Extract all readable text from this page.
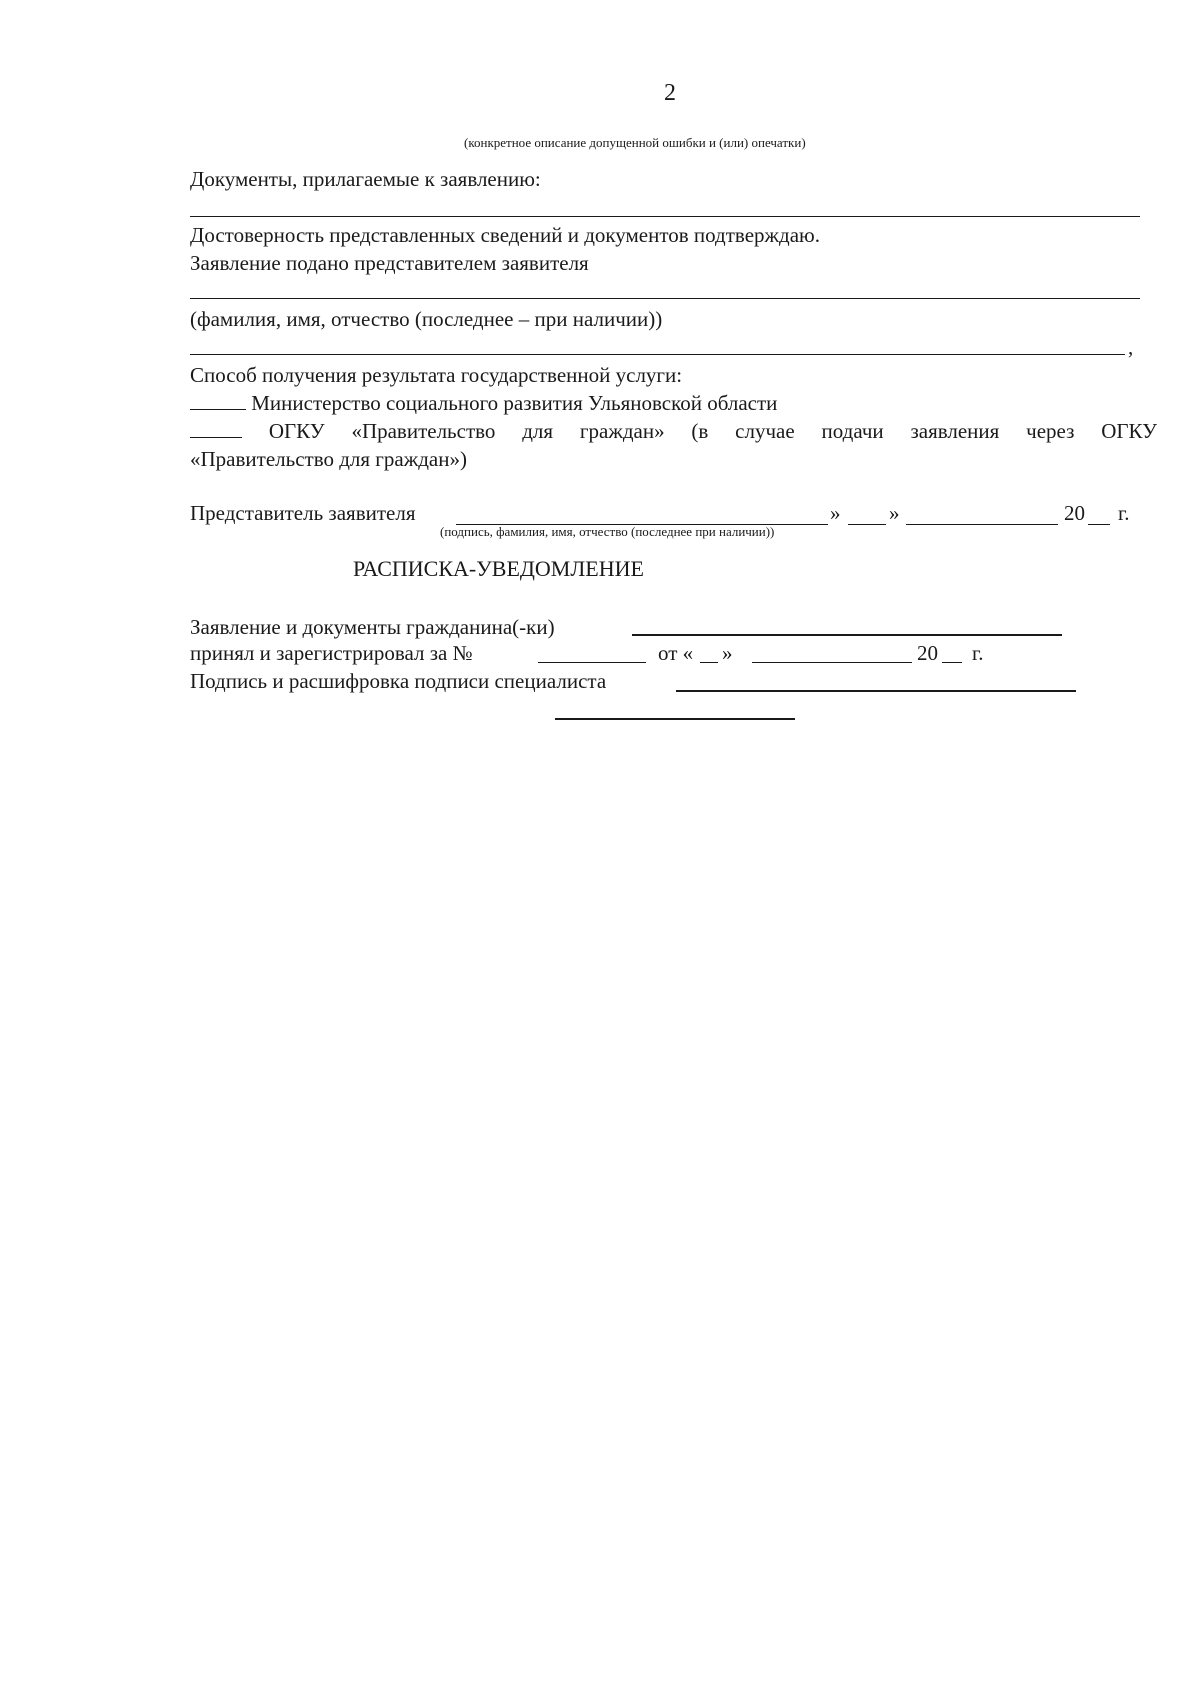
2
(конкретное описание допущенной ошибки и (или) опечатки)
Документы, прилагаемые к заявлению:
Достоверность представленных сведений и документов подтверждаю.
Заявление подано представителем заявителя
(фамилия, имя, отчество (последнее – при наличии))
,
Способ получения результата государственной услуги:
Министерство социального развития Ульяновской области
ОГКУ «Правительство для граждан» (в случае подачи заявления через ОГКУ
«Правительство для граждан»)
Представитель заявителя	» »	20 г.
(подпись, фамилия, имя, отчество (последнее при наличии))
РАСПИСКА-УВЕДОМЛЕНИЕ
Заявление и документы гражданина(-ки)
принял и зарегистрировал за №	от « »	20 г.
Подпись и расшифровка подписи специалиста
